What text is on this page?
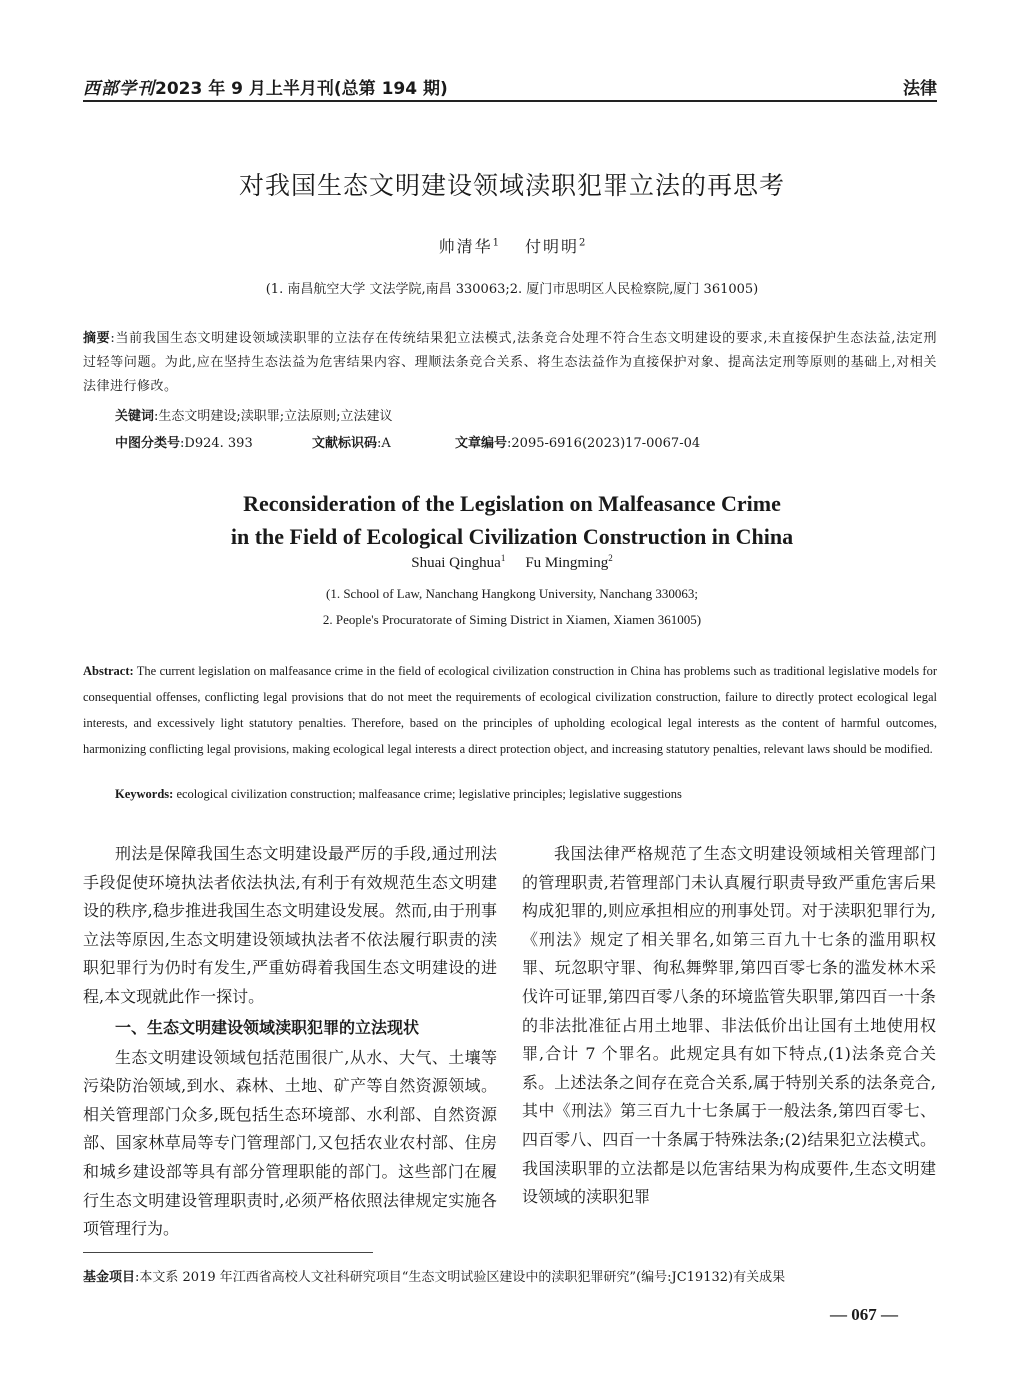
西部学刊2023 年 9 月上半月刊(总第 194 期)	法律
对我国生态文明建设领域渎职犯罪立法的再思考
帅清华$^1$ 付明明$^2$
(1. 南昌航空大学 文法学院,南昌 330063;2. 厦门市思明区人民检察院,厦门 361005)
摘要:当前我国生态文明建设领域渎职罪的立法存在传统结果犯立法模式,法条竞合处理不符合生态文明建设的要求,未直接保护生态法益,法定刑过轻等问题。为此,应在坚持生态法益为危害结果内容、理顺法条竞合关系、将生态法益作为直接保护对象、提高法定刑等原则的基础上,对相关法律进行修改。
关键词:生态文明建设;渎职罪;立法原则;立法建议
中图分类号:D924. 393	文献标识码:A	文章编号:2095-6916(2023)17-0067-04
Reconsideration of the Legislation on Malfeasance Crime
in the Field of Ecological Civilization Construction in China
Shuai Qinghua$^1$ Fu Mingming$^2$
(1. School of Law, Nanchang Hangkong University, Nanchang 330063;
2. People's Procuratorate of Siming District in Xiamen, Xiamen 361005)
Abstract: The current legislation on malfeasance crime in the field of ecological civilization construction in China has problems such as traditional legislative models for consequential offenses, conflicting legal provisions that do not meet the requirements of ecological civilization construction, failure to directly protect ecological legal interests, and excessively light statutory penalties. Therefore, based on the principles of upholding ecological legal interests as the content of harmful outcomes, harmonizing conflicting legal provisions, making ecological legal interests a direct protection object, and increasing statutory penalties, relevant laws should be modified.
Keywords: ecological civilization construction; malfeasance crime; legislative principles; legislative suggestions

刑法是保障我国生态文明建设最严厉的手段,通过刑法手段促使环境执法者依法执法,有利于有效规范生态文明建设的秩序,稳步推进我国生态文明建设发展。然而,由于刑事立法等原因,生态文明建设领域执法者不依法履行职责的渎职犯罪行为仍时有发生,严重妨碍着我国生态文明建设的进程,本文现就此作一探讨。

一、生态文明建设领域渎职犯罪的立法现状

生态文明建设领域包括范围很广,从水、大气、土壤等污染防治领域,到水、森林、土地、矿产等自然资源领域。相关管理部门众多,既包括生态环境部、水利部、自然资源部、国家林草局等专门管理部门,又包括农业农村部、住房和城乡建设部等具有部分管理职能的部门。这些部门在履行生态文明建设管理职责时,必须严格依照法律规定实施各项管理行为。

我国法律严格规范了生态文明建设领域相关管理部门的管理职责,若管理部门未认真履行职责导致严重危害后果构成犯罪的,则应承担相应的刑事处罚。对于渎职犯罪行为,《刑法》规定了相关罪名,如第三百九十七条的滥用职权罪、玩忽职守罪、徇私舞弊罪,第四百零七条的滥发林木采伐许可证罪,第四百零八条的环境监管失职罪,第四百一十条的非法批准征占用土地罪、非法低价出让国有土地使用权罪,合计 7 个罪名。此规定具有如下特点,(1)法条竞合关系。上述法条之间存在竞合关系,属于特别关系的法条竞合,其中《刑法》第三百九十七条属于一般法条,第四百零七、四百零八、四百一十条属于特殊法条;(2)结果犯立法模式。我国渎职罪的立法都是以危害结果为构成要件,生态文明建设领域的渎职犯罪

基金项目:本文系 2019 年江西省高校人文社科研究项目“生态文明试验区建设中的渎职犯罪研究”(编号:JC19132)有关成果
— 067 —
